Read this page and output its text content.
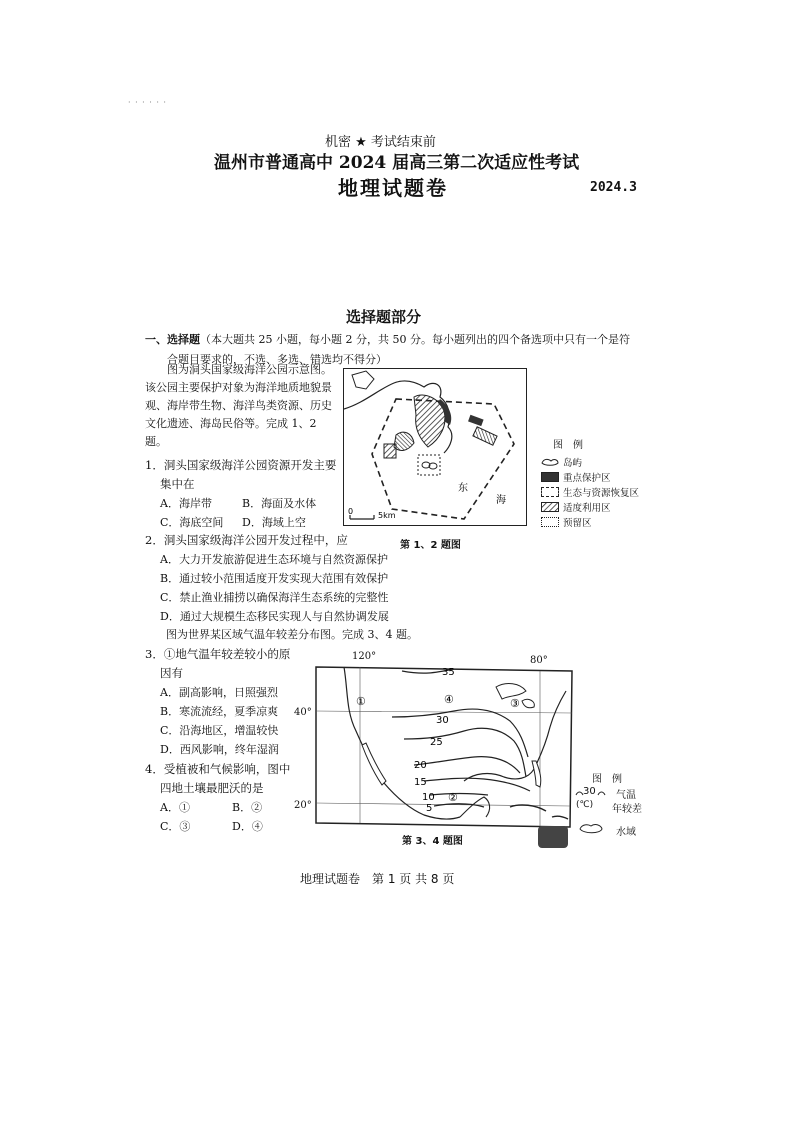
· · · · · ·
机密 ★ 考试结束前
温州市普通高中 2024 届高三第二次适应性考试
地理试题卷	2024.3
选择题部分
一、选择题（本大题共 25 小题，每小题 2 分，共 50 分。每小题列出的四个备选项中只有一个是符
合题目要求的，不选、多选、错选均不得分）
图为洞头国家级海洋公园示意图。该公园主要保护对象为海洋地质地貌景观、海岸带生物、海洋鸟类资源、历史文化遗迹、海岛民俗等。完成 1、2 题。
1．洞头国家级海洋公园资源开发主要
集中在
A．海岸带	B．海面及水体
C．海底空间 D．海域上空
0	5km
东
海
第 1、2 题图
图　例
岛屿
重点保护区
生态与资源恢复区
适度利用区
预留区
2．洞头国家级海洋公园开发过程中，应
A．大力开发旅游促进生态环境与自然资源保护
B．通过较小范围适度开发实现大范围有效保护
C．禁止渔业捕捞以确保海洋生态系统的完整性
D．通过大规模生态移民实现人与自然协调发展
图为世界某区域气温年较差分布图。完成 3、4 题。
3．①地气温年较差较小的原
因有
A．副高影响，日照强烈
B．寒流流经，夏季凉爽
C．沿海地区，增温较快
D．西风影响，终年湿润
4．受植被和气候影响，图中
四地土壤最肥沃的是
A．①	B．②
C．③	D．④
120°	80°
40°
20°
35
30
25
20
15
10
5
①
②
③
④
第 3、4 题图
图　例
30
(℃)
气温
年较差
水域
地理试题卷　第 1 页 共 8 页
